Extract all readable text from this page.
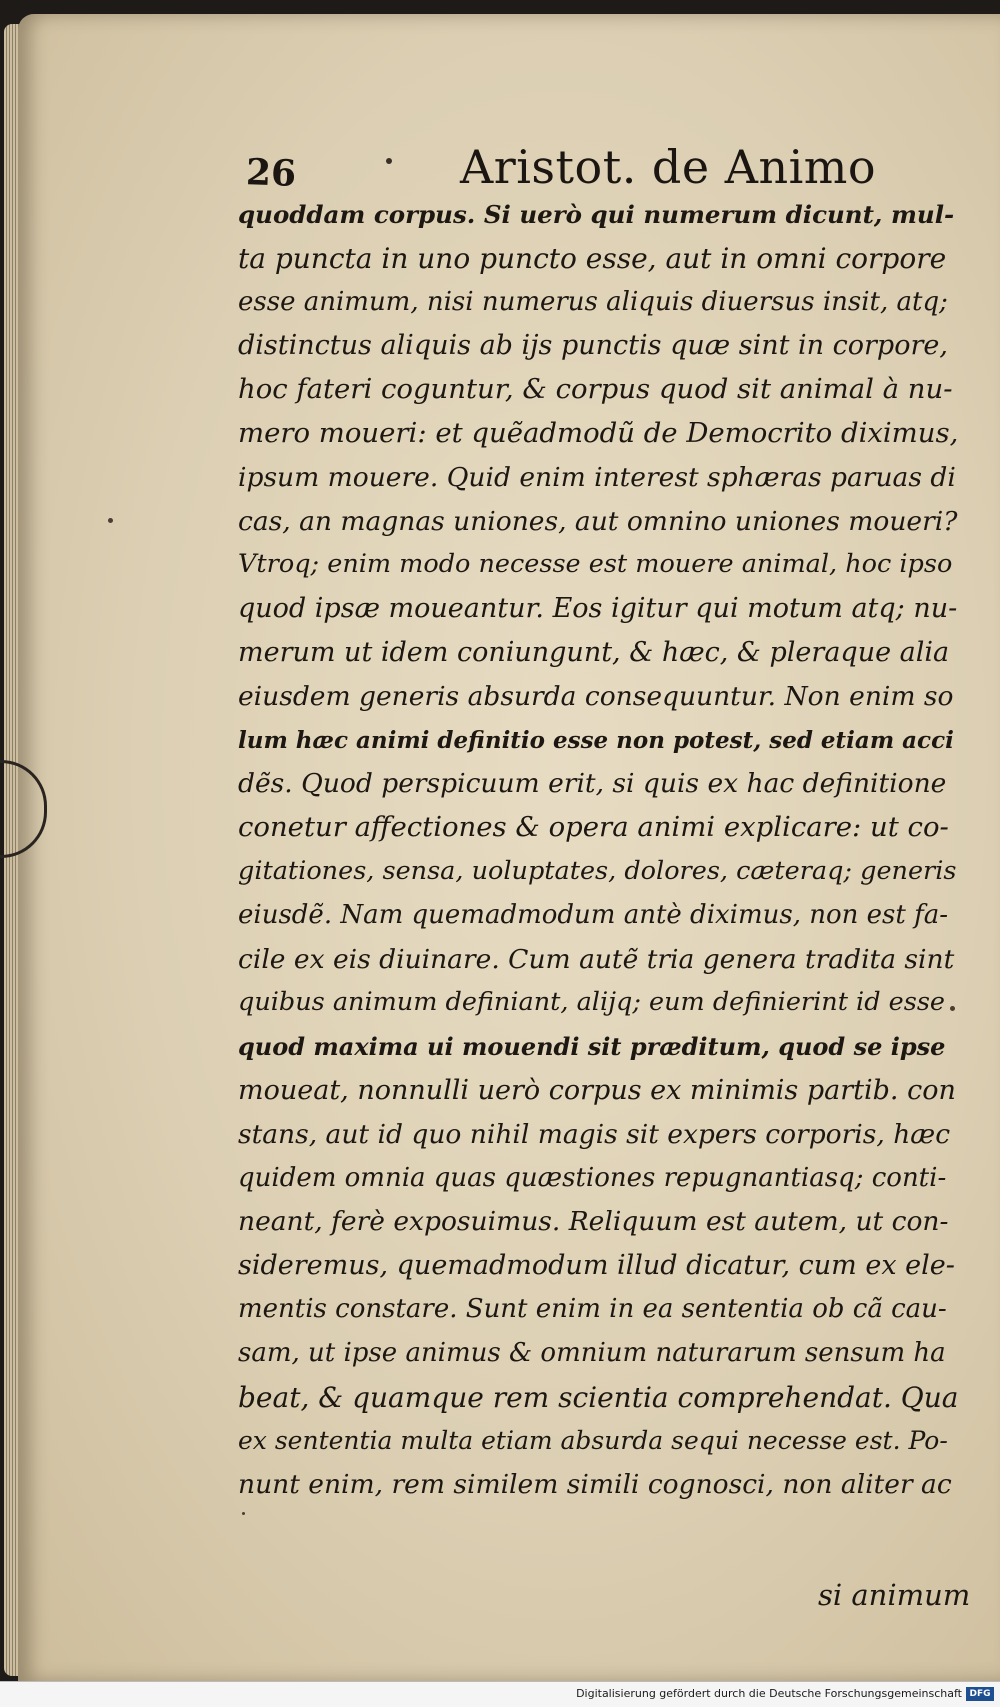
26	Aristot. de Animo
quoddam corpus. Si uerò qui numerum dicunt, mul-
ta puncta in uno puncto esse, aut in omni corpore
esse animum, nisi numerus aliquis diuersus insit, atq;
distinctus aliquis ab ijs punctis quæ sint in corpore,
hoc fateri coguntur, & corpus quod sit animal à nu-
mero moueri: et quẽadmodũ de Democrito diximus,
ipsum mouere. Quid enim interest sphæras paruas di
cas, an magnas uniones, aut omnino uniones moueri?
Vtroq; enim modo necesse est mouere animal, hoc ipso
quod ipsæ moueantur. Eos igitur qui motum atq; nu-
merum ut idem coniungunt, & hæc, & pleraque alia
eiusdem generis absurda consequuntur. Non enim so
lum hæc animi definitio esse non potest, sed etiam acci
dẽs. Quod perspicuum erit, si quis ex hac definitione
conetur affectiones & opera animi explicare: ut co-
gitationes, sensa, uoluptates, dolores, cæteraq; generis
eiusdẽ. Nam quemadmodum antè diximus, non est fa-
cile ex eis diuinare. Cum autẽ tria genera tradita sint
quibus animum definiant, alijq; eum definierint id esse
quod maxima ui mouendi sit præditum, quod se ipse
moueat, nonnulli uerò corpus ex minimis partib. con
stans, aut id quo nihil magis sit expers corporis, hæc
quidem omnia quas quæstiones repugnantiasq; conti-
neant, ferè exposuimus. Reliquum est autem, ut con-
sideremus, quemadmodum illud dicatur, cum ex ele-
mentis constare. Sunt enim in ea sententia ob cã cau-
sam, ut ipse animus & omnium naturarum sensum ha
beat, & quamque rem scientia comprehendat. Qua
ex sententia multa etiam absurda sequi necesse est. Po-
nunt enim, rem similem simili cognosci, non aliter ac
si animum
Digitalisierung gefördert durch die Deutsche Forschungsgemeinschaft DFG
